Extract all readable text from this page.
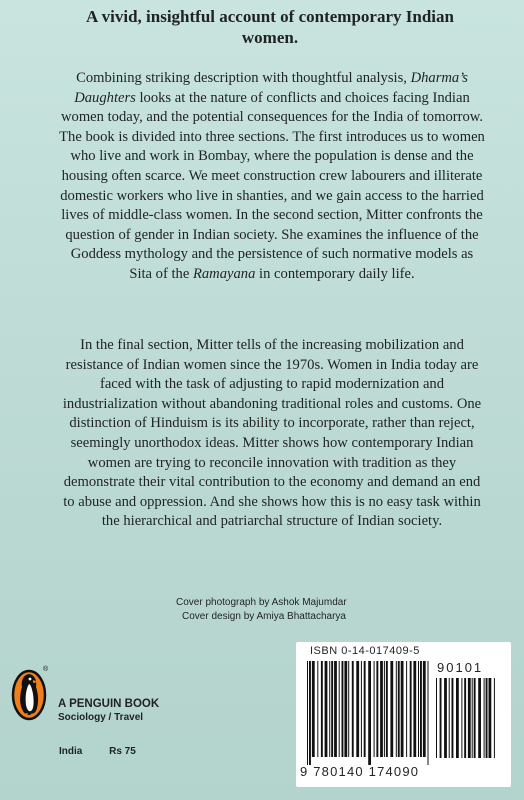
A vivid, insightful account of contemporary Indian women.

Combining striking description with thoughtful analysis, Dharma’s Daughters looks at the nature of conflicts and choices facing Indian women today, and the potential consequences for the India of tomorrow. The book is divided into three sections. The first introduces us to women who live and work in Bombay, where the population is dense and the housing often scarce. We meet construction crew labourers and illiterate domestic workers who live in shanties, and we gain access to the harried lives of middle-class women. In the second section, Mitter confronts the question of gender in Indian society. She examines the influence of the Goddess mythology and the persistence of such normative models as Sita of the Ramayana in contemporary daily life.

In the final section, Mitter tells of the increasing mobilization and resistance of Indian women since the 1970s. Women in India today are faced with the task of adjusting to rapid modernization and industrialization without abandoning traditional roles and customs. One distinction of Hinduism is its ability to incorporate, rather than reject, seemingly unorthodox ideas. Mitter shows how contemporary Indian women are trying to reconcile innovation with tradition as they demonstrate their vital contribution to the economy and demand an end to abuse and oppression. And she shows how this is no easy task within the hierarchical and patriarchal structure of Indian society.

Cover photograph by Ashok Majumdar
Cover design by Amiya Bhattacharya
®
A PENGUIN BOOK
Sociology / Travel
India	Rs 75
ISBN 0-14-017409-5
90101
9 780140 174090
